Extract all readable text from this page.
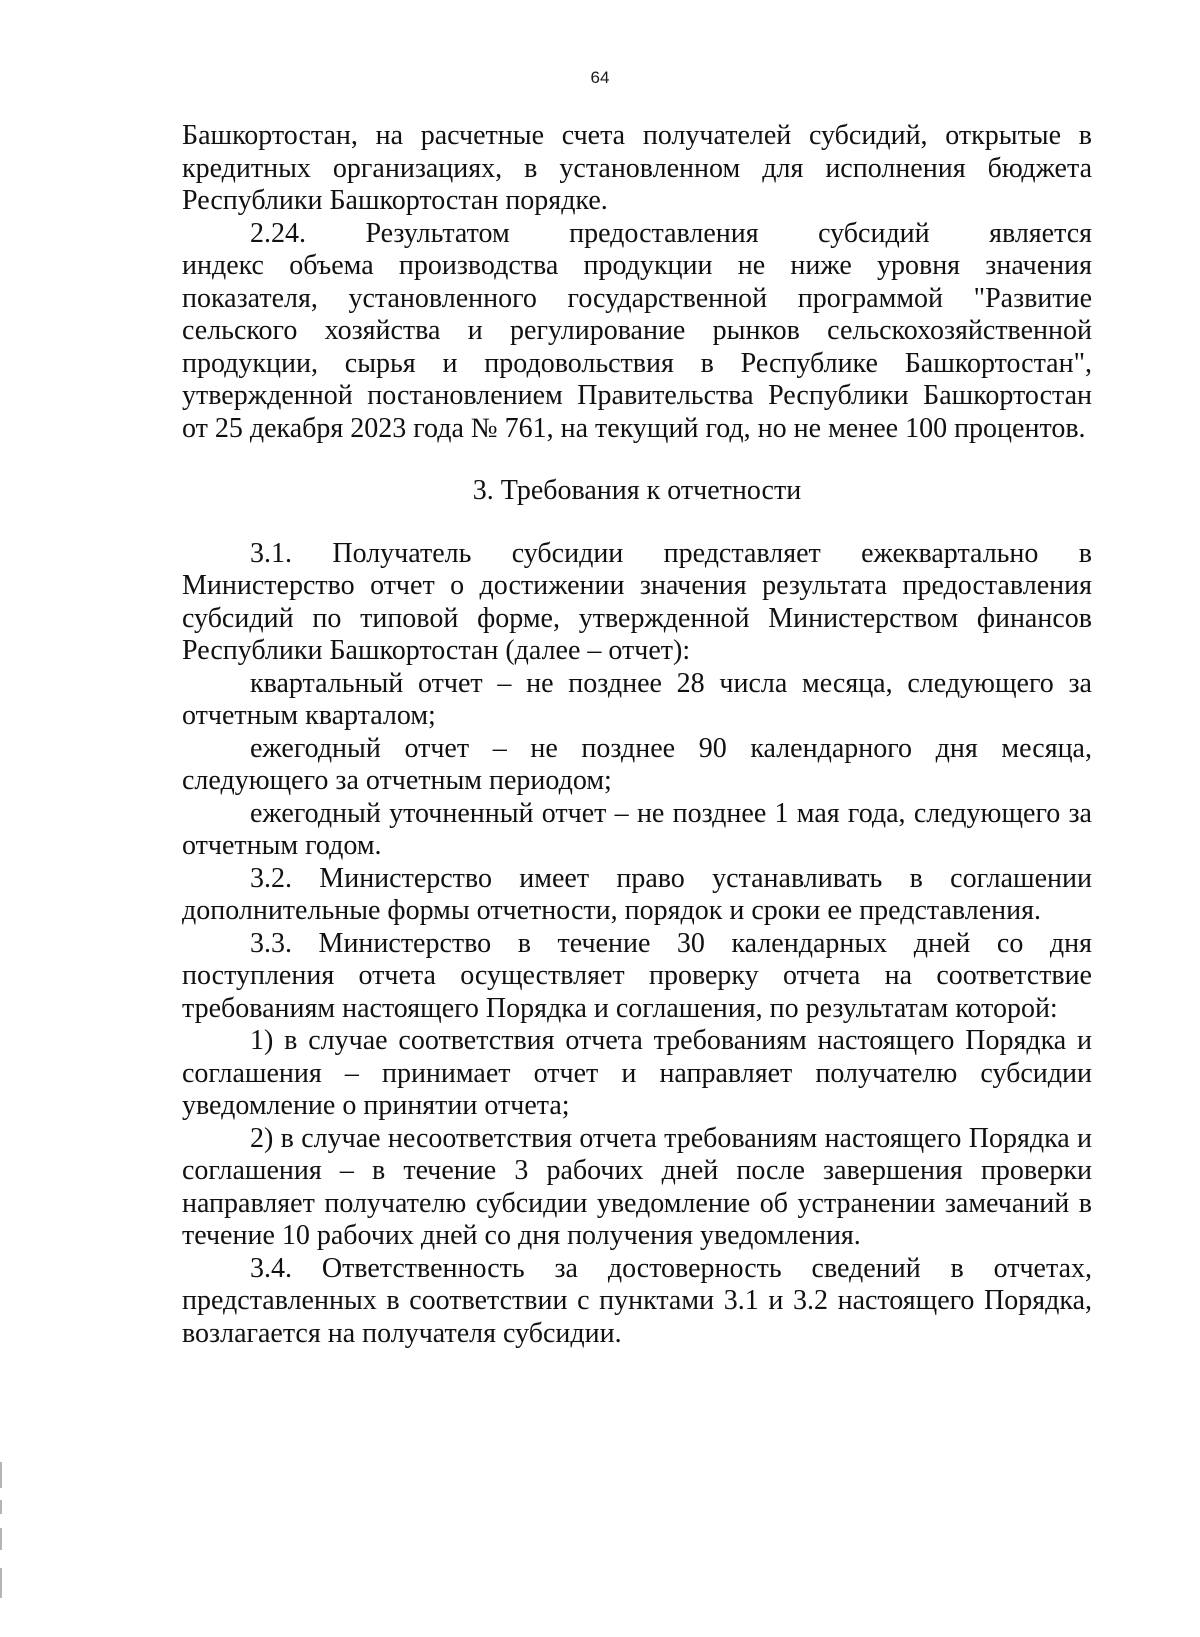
64

Башкортостан, на расчетные счета получателей субсидий, открытые в кредитных организациях, в установленном для исполнения бюджета Республики Башкортостан порядке.

2.24. Результатом предоставления субсидий является

индекс объема производства продукции не ниже уровня значения показателя, установленного государственной программой "Развитие сельского хозяйства и регулирование рынков сельскохозяйственной продукции, сырья и продовольствия в Республике Башкортостан", утвержденной постановлением Правительства Республики Башкортостан от 25 декабря 2023 года № 761, на текущий год, но не менее 100 процентов.

3. Требования к отчетности

3.1. Получатель субсидии представляет ежеквартально в Министерство отчет о достижении значения результата предоставления субсидий по типовой форме, утвержденной Министерством финансов Республики Башкортостан (далее – отчет):

квартальный отчет – не позднее 28 числа месяца, следующего за отчетным кварталом;

ежегодный отчет – не позднее 90 календарного дня месяца, следующего за отчетным периодом;

ежегодный уточненный отчет – не позднее 1 мая года, следующего за отчетным годом.

3.2. Министерство имеет право устанавливать в соглашении дополнительные формы отчетности, порядок и сроки ее представления.

3.3. Министерство в течение 30 календарных дней со дня поступления отчета осуществляет проверку отчета на соответствие требованиям настоящего Порядка и соглашения, по результатам которой:

1) в случае соответствия отчета требованиям настоящего Порядка и соглашения – принимает отчет и направляет получателю субсидии уведомление о принятии отчета;

2) в случае несоответствия отчета требованиям настоящего Порядка и соглашения – в течение 3 рабочих дней после завершения проверки направляет получателю субсидии уведомление об устранении замечаний в течение 10 рабочих дней со дня получения уведомления.

3.4. Ответственность за достоверность сведений в отчетах, представленных в соответствии с пунктами 3.1 и 3.2 настоящего Порядка, возлагается на получателя субсидии.
